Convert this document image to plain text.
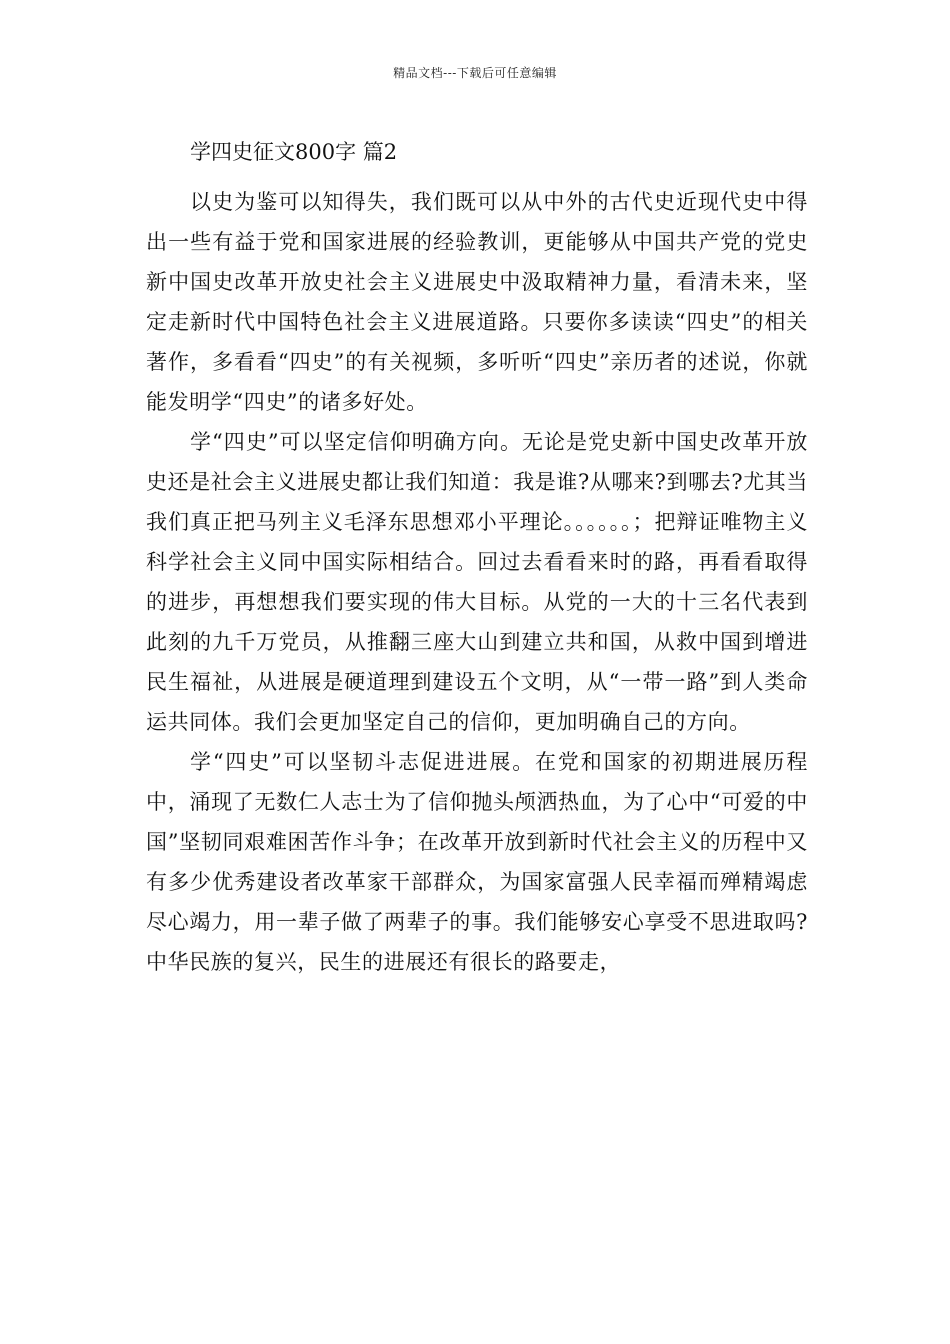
精品文档---下载后可任意编辑
学四史征文800字 篇2

以史为鉴可以知得失，我们既可以从中外的古代史近现代史中得出一些有益于党和国家进展的经验教训，更能够从中国共产党的党史新中国史改革开放史社会主义进展史中汲取精神力量，看清未来，坚定走新时代中国特色社会主义进展道路。只要你多读读“四史”的相关著作，多看看“四史”的有关视频，多听听“四史”亲历者的述说，你就能发明学“四史”的诸多好处。

学“四史”可以坚定信仰明确方向。无论是党史新中国史改革开放史还是社会主义进展史都让我们知道：我是谁?从哪来?到哪去?尤其当我们真正把马列主义毛泽东思想邓小平理论。。。。。。；把辩证唯物主义科学社会主义同中国实际相结合。回过去看看来时的路，再看看取得的进步，再想想我们要实现的伟大目标。从党的一大的十三名代表到此刻的九千万党员，从推翻三座大山到建立共和国，从救中国到增进民生福祉，从进展是硬道理到建设五个文明，从“一带一路”到人类命运共同体。我们会更加坚定自己的信仰，更加明确自己的方向。

学“四史”可以坚韧斗志促进进展。在党和国家的初期进展历程中，涌现了无数仁人志士为了信仰抛头颅洒热血，为了心中“可爱的中国”坚韧同艰难困苦作斗争；在改革开放到新时代社会主义的历程中又有多少优秀建设者改革家干部群众，为国家富强人民幸福而殚精竭虑尽心竭力，用一辈子做了两辈子的事。我们能够安心享受不思进取吗?中华民族的复兴，民生的进展还有很长的路要走，
